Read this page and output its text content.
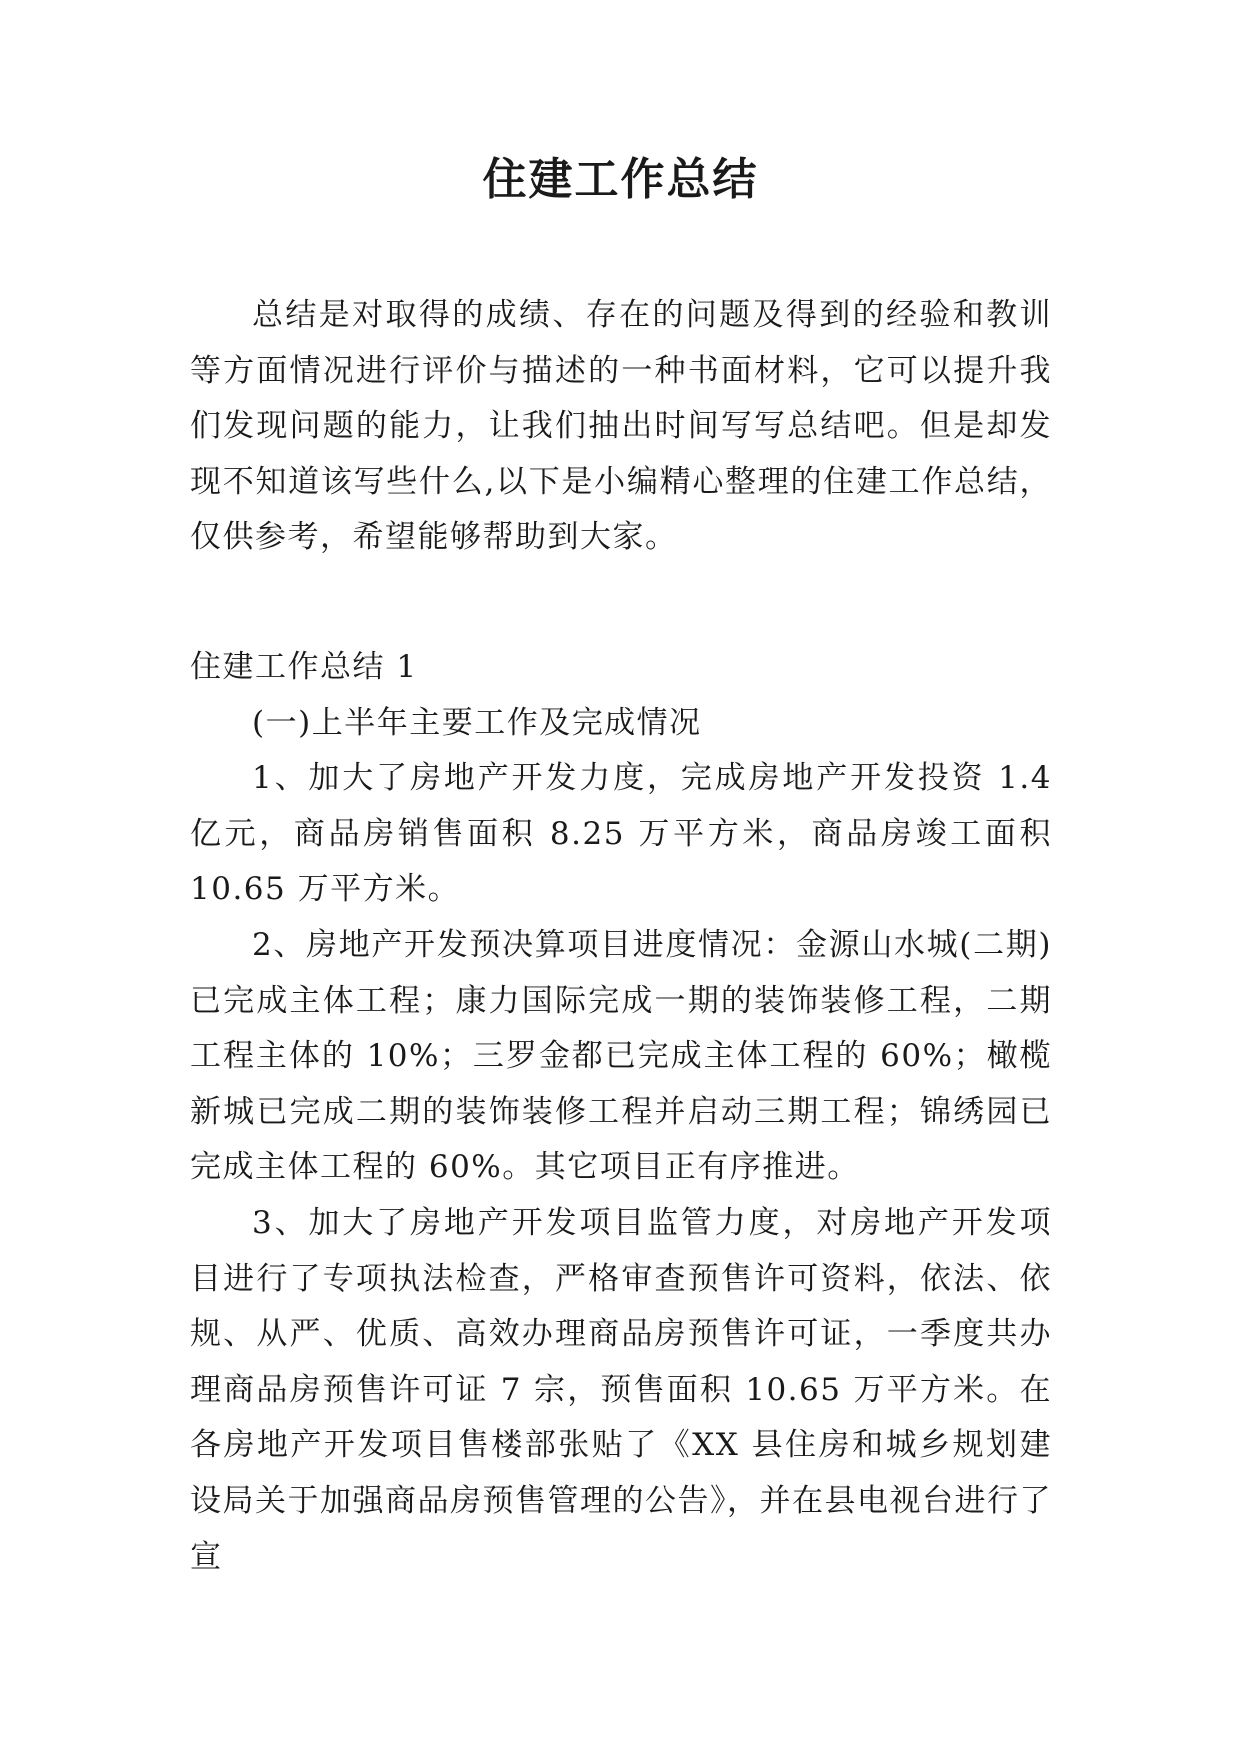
住建工作总结

总结是对取得的成绩、存在的问题及得到的经验和教训等方面情况进行评价与描述的一种书面材料，它可以提升我们发现问题的能力，让我们抽出时间写写总结吧。但是却发现不知道该写些什么,以下是小编精心整理的住建工作总结，仅供参考，希望能够帮助到大家。

住建工作总结 1

(一)上半年主要工作及完成情况

1、加大了房地产开发力度，完成房地产开发投资 1.4 亿元，商品房销售面积 8.25 万平方米，商品房竣工面积 10.65 万平方米。

2、房地产开发预决算项目进度情况：金源山水城(二期)已完成主体工程；康力国际完成一期的装饰装修工程，二期工程主体的 10%；三罗金都已完成主体工程的 60%；橄榄新城已完成二期的装饰装修工程并启动三期工程；锦绣园已完成主体工程的 60%。其它项目正有序推进。

3、加大了房地产开发项目监管力度，对房地产开发项目进行了专项执法检查，严格审查预售许可资料，依法、依规、从严、优质、高效办理商品房预售许可证，一季度共办理商品房预售许可证 7 宗，预售面积 10.65 万平方米。在各房地产开发项目售楼部张贴了《XX 县住房和城乡规划建设局关于加强商品房预售管理的公告》，并在县电视台进行了宣
